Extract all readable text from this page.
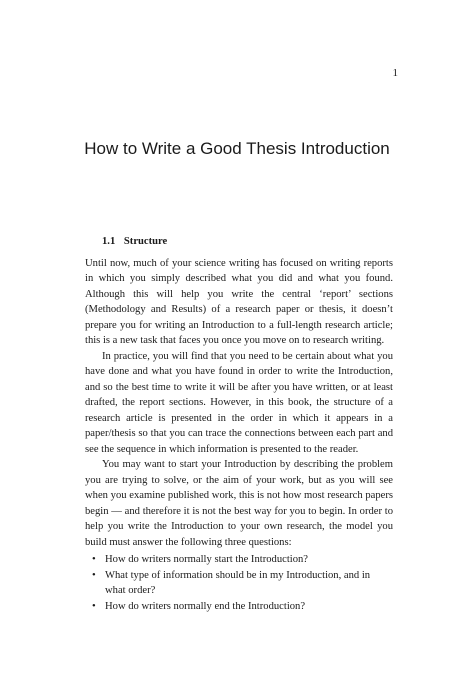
1
How to Write a Good Thesis Introduction
1.1 Structure

Until now, much of your science writing has focused on writing reports in which you simply described what you did and what you found. Although this will help you write the central ‘report’ sections (Methodology and Results) of a research paper or thesis, it doesn’t prepare you for writing an Introduction to a full-length research article; this is a new task that faces you once you move on to research writing.

In practice, you will find that you need to be certain about what you have done and what you have found in order to write the Introduction, and so the best time to write it will be after you have written, or at least drafted, the report sections. However, in this book, the structure of a research article is presented in the order in which it appears in a paper/thesis so that you can trace the connections between each part and see the sequence in which information is presented to the reader.

You may want to start your Introduction by describing the problem you are trying to solve, or the aim of your work, but as you will see when you examine published work, this is not how most research papers begin — and therefore it is not the best way for you to begin. In order to help you write the Introduction to your own research, the model you build must answer the following three questions:

• How do writers normally start the Introduction?
• What type of information should be in my Introduction, and in what order?
• How do writers normally end the Introduction?
